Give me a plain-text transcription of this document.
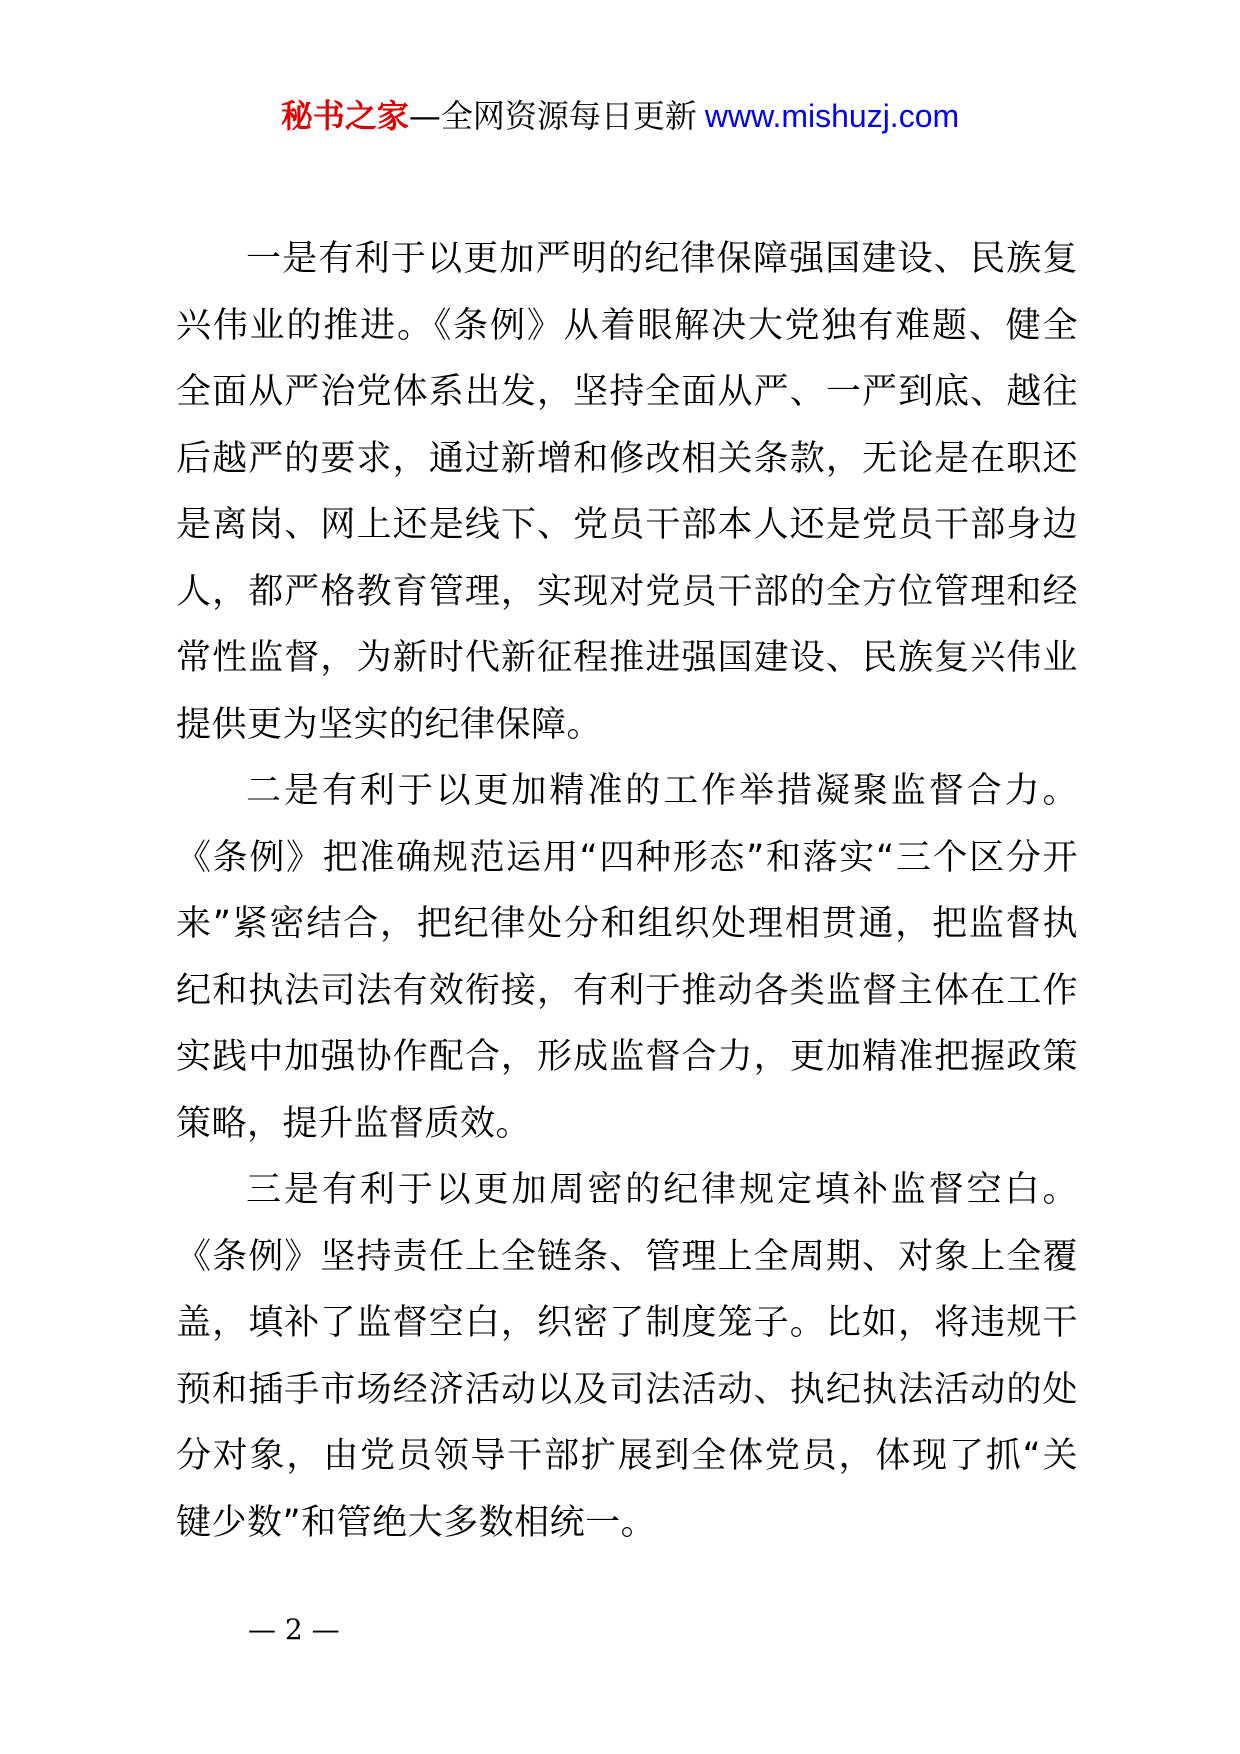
秘书之家—全网资源每日更新 www.mishuzj.com

一是有利于以更加严明的纪律保障强国建设、民族复兴伟业的推进。《条例》从着眼解决大党独有难题、健全全面从严治党体系出发，坚持全面从严、一严到底、越往后越严的要求，通过新增和修改相关条款，无论是在职还是离岗、网上还是线下、党员干部本人还是党员干部身边人，都严格教育管理，实现对党员干部的全方位管理和经常性监督，为新时代新征程推进强国建设、民族复兴伟业提供更为坚实的纪律保障。

二是有利于以更加精准的工作举措凝聚监督合力。《条例》把准确规范运用“四种形态”和落实“三个区分开来”紧密结合，把纪律处分和组织处理相贯通，把监督执纪和执法司法有效衔接，有利于推动各类监督主体在工作实践中加强协作配合，形成监督合力，更加精准把握政策策略，提升监督质效。

三是有利于以更加周密的纪律规定填补监督空白。《条例》坚持责任上全链条、管理上全周期、对象上全覆盖，填补了监督空白，织密了制度笼子。比如，将违规干预和插手市场经济活动以及司法活动、执纪执法活动的处分对象，由党员领导干部扩展到全体党员，体现了抓“关键少数”和管绝大多数相统一。

— 2 —
